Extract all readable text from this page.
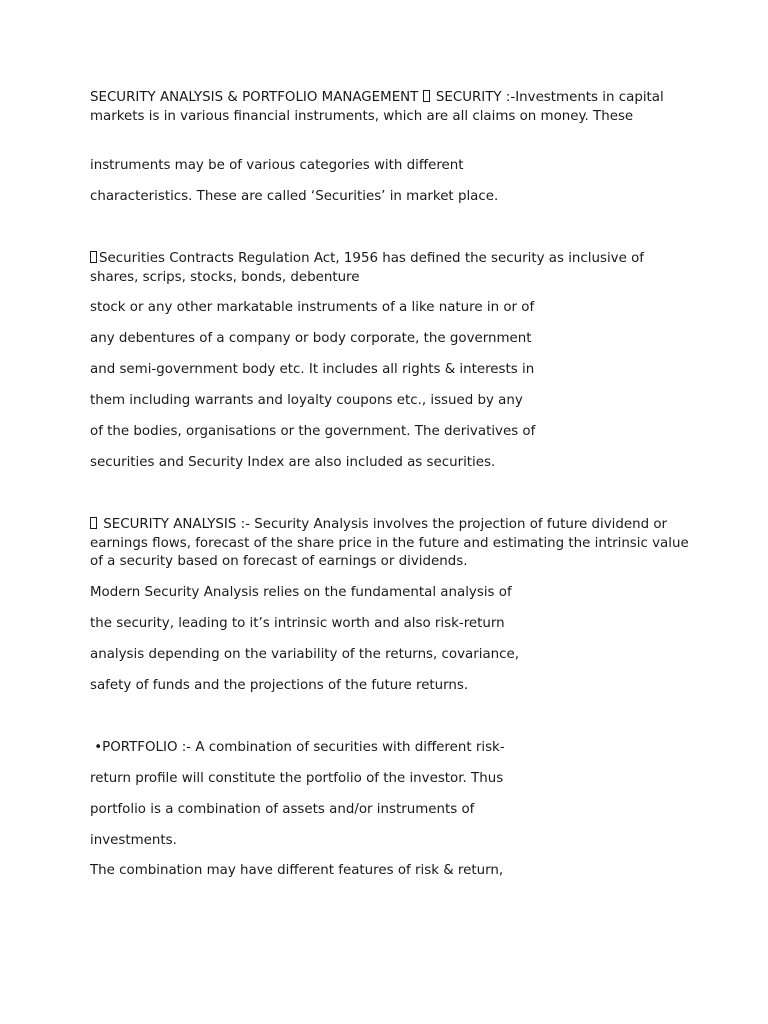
SECURITY ANALYSIS & PORTFOLIO MANAGEMENT  SECURITY :-Investments in capital markets is in various financial instruments, which are all claims on money. These

instruments may be of various categories with different

characteristics. These are called ‘Securities’ in market place.

Securities Contracts Regulation Act, 1956 has defined the security as inclusive of shares, scrips, stocks, bonds, debenture

stock or any other markatable instruments of a like nature in or of

any debentures of a company or body corporate, the government

and semi-government body etc. It includes all rights & interests in

them including warrants and loyalty coupons etc., issued by any

of the bodies, organisations or the government. The derivatives of

securities and Security Index are also included as securities.

SECURITY ANALYSIS :- Security Analysis involves the projection of future dividend or earnings flows, forecast of the share price in the future and estimating the intrinsic value of a security based on forecast of earnings or dividends.

Modern Security Analysis relies on the fundamental analysis of

the security, leading to it’s intrinsic worth and also risk-return

analysis depending on the variability of the returns, covariance,

safety of funds and the projections of the future returns.

•PORTFOLIO :- A combination of securities with different risk-

return profile will constitute the portfolio of the investor. Thus

portfolio is a combination of assets and/or instruments of

investments.

The combination may have different features of risk & return,
